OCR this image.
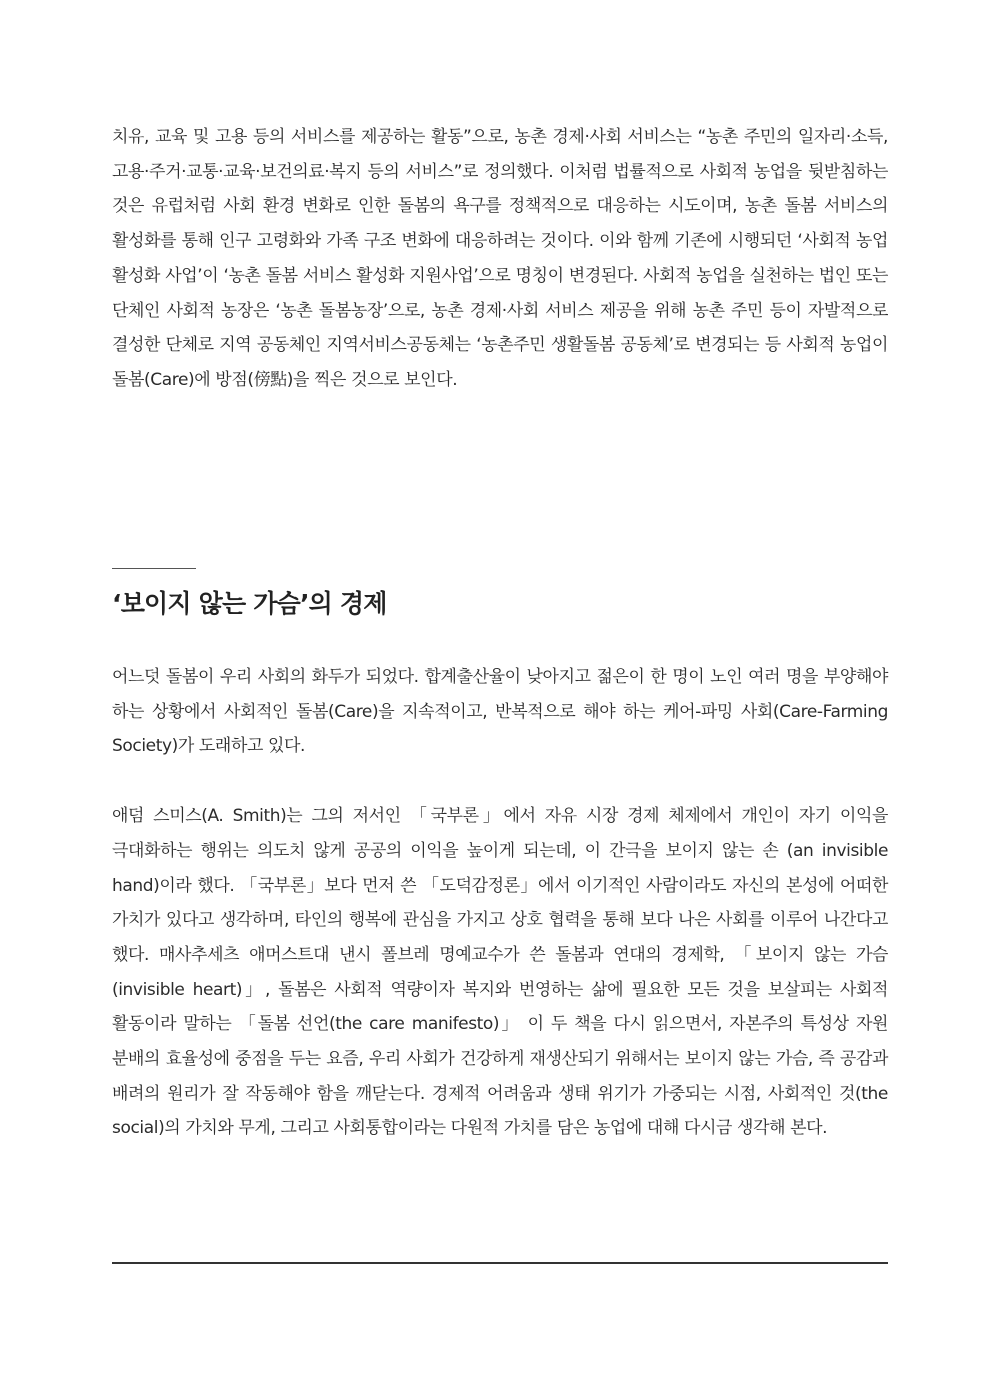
치유, 교육 및 고용 등의 서비스를 제공하는 활동”으로, 농촌 경제·사회 서비스는 “농촌 주민의 일자리·소득, 고용·주거·교통·교육·보건의료·복지 등의 서비스”로 정의했다. 이처럼 법률적으로 사회적 농업을 뒷받침하는 것은 유럽처럼 사회 환경 변화로 인한 돌봄의 욕구를 정책적으로 대응하는 시도이며, 농촌 돌봄 서비스의 활성화를 통해 인구 고령화와 가족 구조 변화에 대응하려는 것이다. 이와 함께 기존에 시행되던 ‘사회적 농업 활성화 사업’이 ‘농촌 돌봄 서비스 활성화 지원사업’으로 명칭이 변경된다. 사회적 농업을 실천하는 법인 또는 단체인 사회적 농장은 ‘농촌 돌봄농장’으로, 농촌 경제·사회 서비스 제공을 위해 농촌 주민 등이 자발적으로 결성한 단체로 지역 공동체인 지역서비스공동체는 ‘농촌주민 생활돌봄 공동체’로 변경되는 등 사회적 농업이 돌봄(Care)에 방점(傍點)을 찍은 것으로 보인다.

‘보이지 않는 가슴’의 경제

어느덧 돌봄이 우리 사회의 화두가 되었다. 합계출산율이 낮아지고 젊은이 한 명이 노인 여러 명을 부양해야 하는 상황에서 사회적인 돌봄(Care)을 지속적이고, 반복적으로 해야 하는 케어-파밍 사회(Care-Farming Society)가 도래하고 있다.

애덤 스미스(A. Smith)는 그의 저서인 「국부론」에서 자유 시장 경제 체제에서 개인이 자기 이익을 극대화하는 행위는 의도치 않게 공공의 이익을 높이게 되는데, 이 간극을 보이지 않는 손 (an invisible hand)이라 했다. 「국부론」보다 먼저 쓴 「도덕감정론」에서 이기적인 사람이라도 자신의 본성에 어떠한 가치가 있다고 생각하며, 타인의 행복에 관심을 가지고 상호 협력을 통해 보다 나은 사회를 이루어 나간다고 했다. 매사추세츠 애머스트대 낸시 폴브레 명예교수가 쓴 돌봄과 연대의 경제학, 「보이지 않는 가슴(invisible heart)」, 돌봄은 사회적 역량이자 복지와 번영하는 삶에 필요한 모든 것을 보살피는 사회적 활동이라 말하는 「돌봄 선언(the care manifesto)」 이 두 책을 다시 읽으면서, 자본주의 특성상 자원 분배의 효율성에 중점을 두는 요즘, 우리 사회가 건강하게 재생산되기 위해서는 보이지 않는 가슴, 즉 공감과 배려의 원리가 잘 작동해야 함을 깨닫는다. 경제적 어려움과 생태 위기가 가중되는 시점, 사회적인 것(the social)의 가치와 무게, 그리고 사회통합이라는 다원적 가치를 담은 농업에 대해 다시금 생각해 본다.
